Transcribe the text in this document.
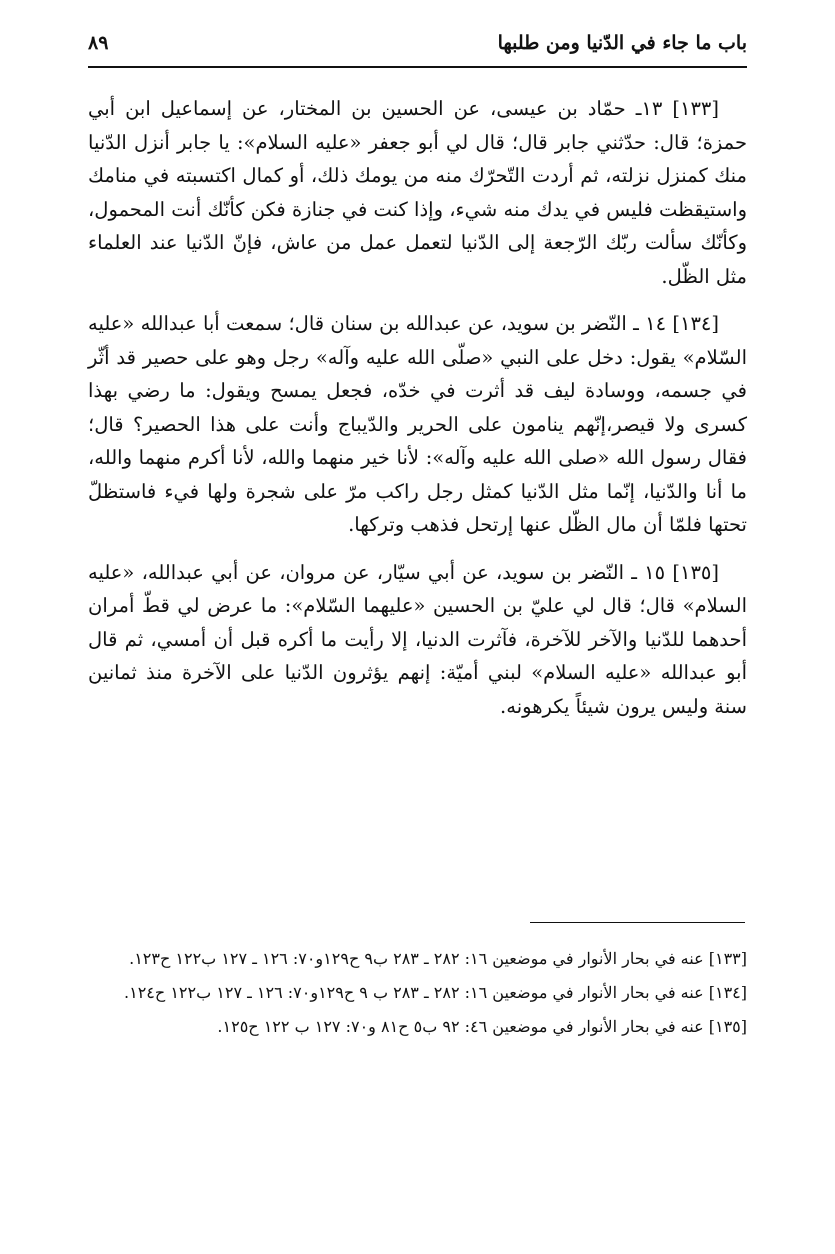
باب ما جاء في الدّنيا ومن طلبها
٨٩

[١٣٣] ١٣ـ حمّاد بن عيسى، عن الحسين بن المختار، عن إسماعيل ابن أبي حمزة؛ قال: حدّثني جابر قال؛ قال لي أبو جعفر «عليه السلام»: يا جابر أنزل الدّنيا منك كمنزل نزلته، ثم أردت التّحرّك منه من يومك ذلك، أو كمال اكتسبته في منامك واستيقظت فليس في يدك منه شيء، وإذا كنت في جنازة فكن كأنّك أنت المحمول، وكأنّك سألت ربّك الرّجعة إلى الدّنيا لتعمل عمل من عاش، فإنّ الدّنيا عند العلماء مثل الظّل.

[١٣٤] ١٤ ـ النّضر بن سويد، عن عبدالله بن سنان قال؛ سمعت أبا عبدالله «عليه السّلام» يقول: دخل على النبي «صلّى الله عليه وآله» رجل وهو على حصير قد أثّر في جسمه، ووسادة ليف قد أثرت في خدّه، فجعل يمسح ويقول: ما رضي بهذا كسرى ولا قيصر،إنّهم ينامون على الحرير والدّيباج وأنت على هذا الحصير؟ قال؛ فقال رسول الله «صلى الله عليه وآله»: لأنا خير منهما والله، لأنا أكرم منهما والله، ما أنا والدّنيا، إنّما مثل الدّنيا كمثل رجل راكب مرّ على شجرة ولها فيء فاستظلّ تحتها فلمّا أن مال الظّل عنها إرتحل فذهب وتركها.

[١٣٥] ١٥ ـ النّضر بن سويد، عن أبي سيّار، عن مروان، عن أبي عبدالله، «عليه السلام» قال؛ قال لي عليّ بن الحسين «عليهما السّلام»: ما عرض لي قطّ أمران أحدهما للدّنيا والآخر للآخرة، فآثرت الدنيا، إلا رأيت ما أكره قبل أن أمسي، ثم قال أبو عبدالله «عليه السلام» لبني أميّة: إنهم يؤثرون الدّنيا على الآخرة منذ ثمانين سنة وليس يرون شيئاً يكرهونه.

[١٣٣] عنه في بحار الأنوار في موضعين ١٦: ٢٨٢ ـ ٢٨٣ ب٩ ح١٢٩و٧٠: ١٢٦ ـ ١٢٧ ب١٢٢ ح١٢٣.

[١٣٤] عنه في بحار الأنوار في موضعين ١٦: ٢٨٢ ـ ٢٨٣ ب ٩ ح١٢٩و٧٠: ١٢٦ ـ ١٢٧ ب١٢٢ ح١٢٤.

[١٣٥] عنه في بحار الأنوار في موضعين ٤٦: ٩٢ ب٥ ح٨١ و٧٠: ١٢٧ ب ١٢٢ ح١٢٥.
